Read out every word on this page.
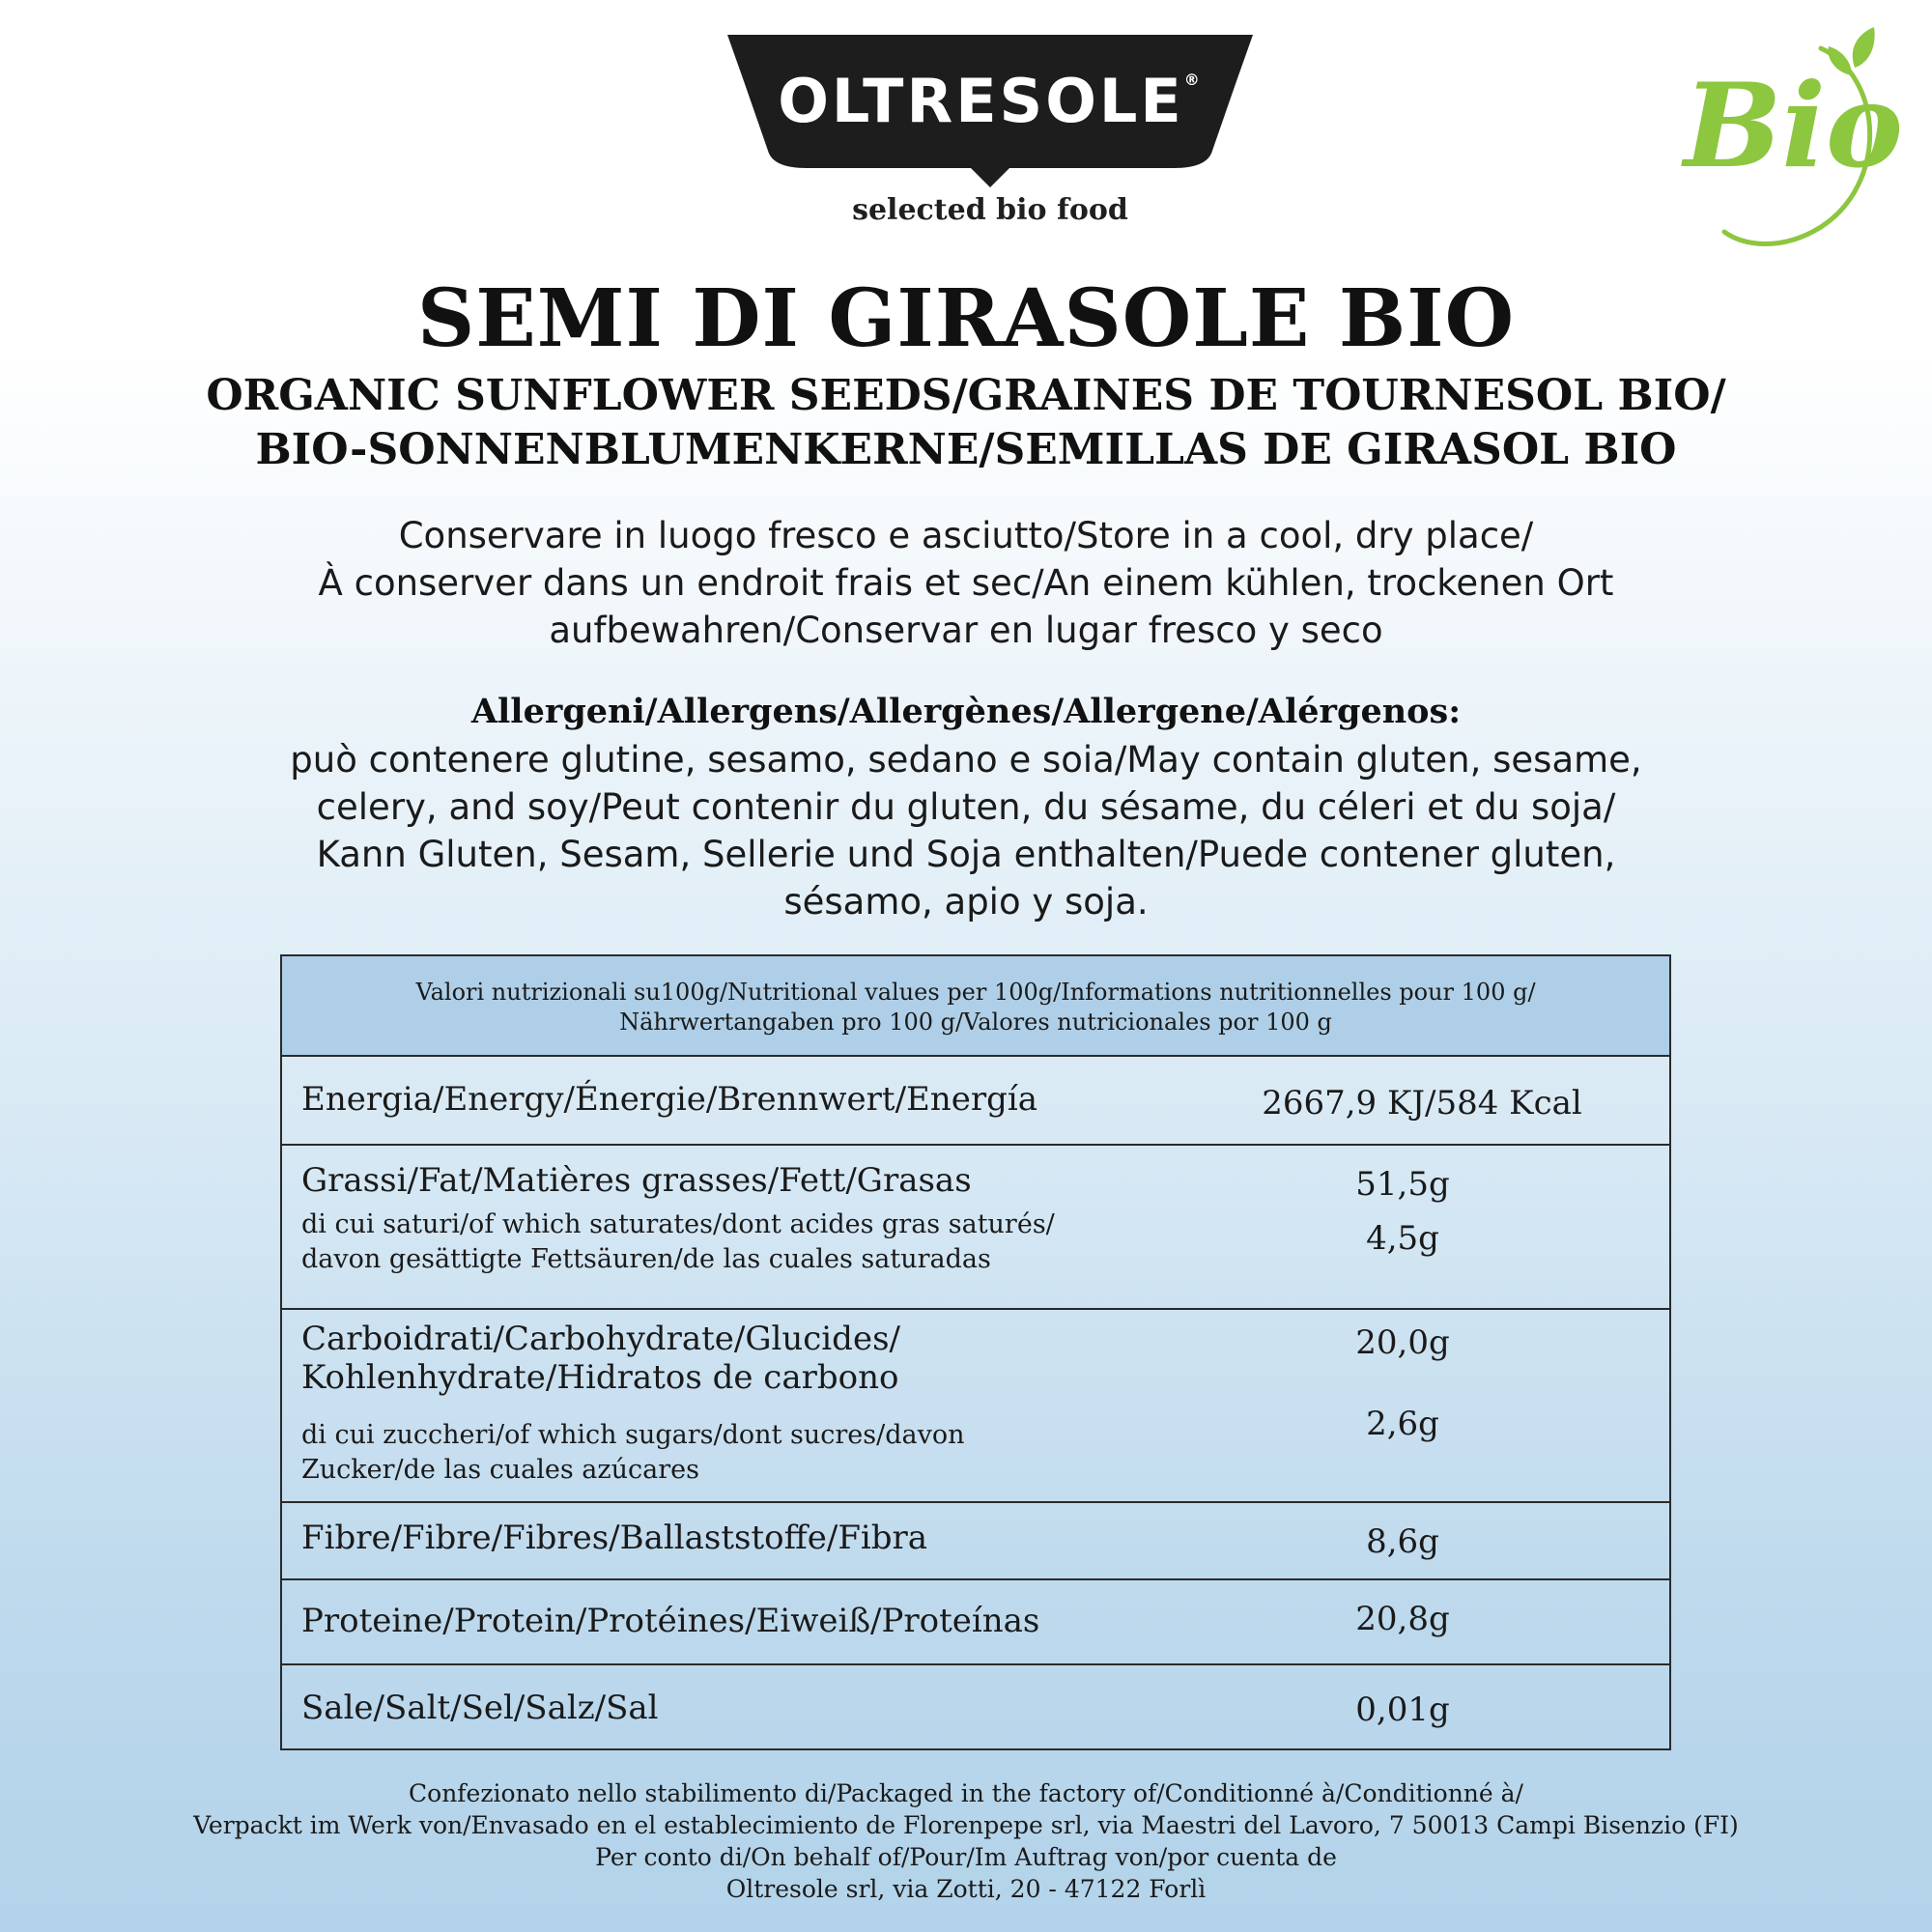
OLTRESOLE®
selected bio food
Bio
SEMI DI GIRASOLE BIO
ORGANIC SUNFLOWER SEEDS/GRAINES DE TOURNESOL BIO/
BIO-SONNENBLUMENKERNE/SEMILLAS DE GIRASOL BIO
Conservare in luogo fresco e asciutto/Store in a cool, dry place/
À conserver dans un endroit frais et sec/An einem kühlen, trockenen Ort
aufbewahren/Conservar en lugar fresco y seco
Allergeni/Allergens/Allergènes/Allergene/Alérgenos:
può contenere glutine, sesamo, sedano e soia/May contain gluten, sesame,
celery, and soy/Peut contenir du gluten, du sésame, du céleri et du soja/
Kann Gluten, Sesam, Sellerie und Soja enthalten/Puede contener gluten,
sésamo, apio y soja.
Valori nutrizionali su100g/Nutritional values per 100g/Informations nutritionnelles pour 100 g/
Nährwertangaben pro 100 g/Valores nutricionales por 100 g
Energia/Energy/Énergie/Brennwert/Energía	2667,9 KJ/584 Kcal
Grassi/Fat/Matières grasses/Fett/Grasas	51,5g
di cui saturi/of which saturates/dont acides gras saturés/
davon gesättigte Fettsäuren/de las cuales saturadas
4,5g
Carboidrati/Carbohydrate/Glucides/
Kohlenhydrate/Hidratos de carbono
20,0g
di cui zuccheri/of which sugars/dont sucres/davon
Zucker/de las cuales azúcares
2,6g
Fibre/Fibre/Fibres/Ballaststoffe/Fibra	8,6g
Proteine/Protein/Protéines/Eiweiß/Proteínas	20,8g
Sale/Salt/Sel/Salz/Sal	0,01g
Confezionato nello stabilimento di/Packaged in the factory of/Conditionné à/Conditionné à/
Verpackt im Werk von/Envasado en el establecimiento de Florenpepe srl, via Maestri del Lavoro, 7 50013 Campi Bisenzio (FI)
Per conto di/On behalf of/Pour/Im Auftrag von/por cuenta de
Oltresole srl, via Zotti, 20 - 47122 Forlì
